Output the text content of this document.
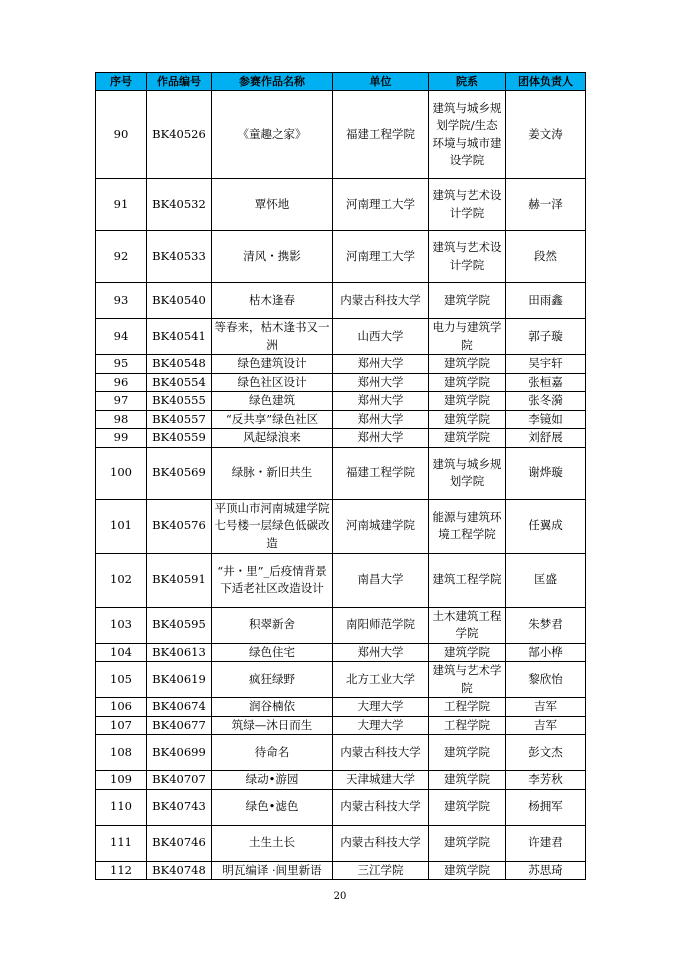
序号	作品编号	参赛作品名称	单位	院系	团体负责人
90	BK40526	《童趣之家》	福建工程学院	建筑与城乡规划学院/生态环境与城市建设学院	姜文涛
91	BK40532	覃怀地	河南理工大学	建筑与艺术设计学院	赫一泽
92	BK40533	清风・携影	河南理工大学	建筑与艺术设计学院	段然
93	BK40540	枯木逢春	内蒙古科技大学	建筑学院	田雨鑫
94	BK40541	等春来，枯木逢书又一洲	山西大学	电力与建筑学院	郭子璇
95	BK40548	绿色建筑设计	郑州大学	建筑学院	吴宇轩
96	BK40554	绿色社区设计	郑州大学	建筑学院	张桓嘉
97	BK40555	绿色建筑	郑州大学	建筑学院	张冬漪
98	BK40557	“反共享”绿色社区	郑州大学	建筑学院	李镜如
99	BK40559	风起绿浪来	郑州大学	建筑学院	刘舒展
100	BK40569	绿脉・新旧共生	福建工程学院	建筑与城乡规划学院	谢烨璇
101	BK40576	平顶山市河南城建学院七号楼一层绿色低碳改造	河南城建学院	能源与建筑环境工程学院	任翼成
102	BK40591	“井・里”_后疫情背景下适老社区改造设计	南昌大学	建筑工程学院	匡盛
103	BK40595	积翠新舍	南阳师范学院	土木建筑工程学院	朱梦君
104	BK40613	绿色住宅	郑州大学	建筑学院	郜小桦
105	BK40619	疯狂绿野	北方工业大学	建筑与艺术学院	黎欣怡
106	BK40674	润谷楠依	大理大学	工程学院	吉军
107	BK40677	筑绿—沐日而生	大理大学	工程学院	吉军
108	BK40699	待命名	内蒙古科技大学	建筑学院	彭文杰
109	BK40707	绿动•游园	天津城建大学	建筑学院	李芳秋
110	BK40743	绿色•滤色	内蒙古科技大学	建筑学院	杨拥军
111	BK40746	土生土长	内蒙古科技大学	建筑学院	许建君
112	BK40748	明瓦编译 ·闾里新语	三江学院	建筑学院	苏思琦
20
